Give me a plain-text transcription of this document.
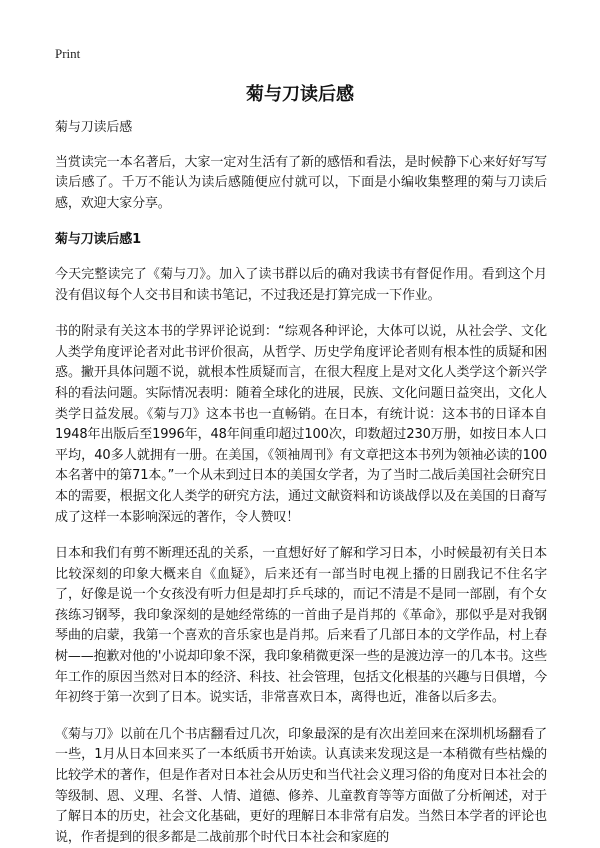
Print
菊与刀读后感

菊与刀读后感

当赏读完一本名著后，大家一定对生活有了新的感悟和看法，是时候静下心来好好写写读后感了。千万不能认为读后感随便应付就可以，下面是小编收集整理的菊与刀读后感，欢迎大家分享。

菊与刀读后感1

今天完整读完了《菊与刀》。加入了读书群以后的确对我读书有督促作用。看到这个月没有倡议每个人交书目和读书笔记，不过我还是打算完成一下作业。

书的附录有关这本书的学界评论说到：“综观各种评论，大体可以说，从社会学、文化人类学角度评论者对此书评价很高，从哲学、历史学角度评论者则有根本性的质疑和困惑。撇开具体问题不说，就根本性质疑而言，在很大程度上是对文化人类学这个新兴学科的看法问题。实际情况表明：随着全球化的进展，民族、文化问题日益突出，文化人类学日益发展。《菊与刀》这本书也一直畅销。在日本，有统计说：这本书的日译本自1948年出版后至1996年，48年间重印超过100次，印数超过230万册，如按日本人口平均，40多人就拥有一册。在美国，《领袖周刊》有文章把这本书列为领袖必读的100本名著中的第71本。”一个从未到过日本的美国女学者，为了当时二战后美国社会研究日本的需要，根据文化人类学的研究方法，通过文献资料和访谈战俘以及在美国的日裔写成了这样一本影响深远的著作，令人赞叹！

日本和我们有剪不断理还乱的关系，一直想好好了解和学习日本，小时候最初有关日本比较深刻的印象大概来自《血疑》，后来还有一部当时电视上播的日剧我记不住名字了，好像是说一个女孩没有听力但是却打乒乓球的，而记不清是不是同一部剧，有个女孩练习钢琴，我印象深刻的是她经常练的一首曲子是肖邦的《革命》，那似乎是对我钢琴曲的启蒙，我第一个喜欢的音乐家也是肖邦。后来看了几部日本的文学作品，村上春树——抱歉对他的'小说却印象不深，我印象稍微更深一些的是渡边淳一的几本书。这些年工作的原因当然对日本的经济、科技、社会管理，包括文化根基的兴趣与日俱增，今年初终于第一次到了日本。说实话，非常喜欢日本，离得也近，准备以后多去。

《菊与刀》以前在几个书店翻看过几次，印象最深的是有次出差回来在深圳机场翻看了一些，1月从日本回来买了一本纸质书开始读。认真读来发现这是一本稍微有些枯燥的比较学术的著作，但是作者对日本社会从历史和当代社会义理习俗的角度对日本社会的等级制、恩、义理、名誉、人情、道德、修养、儿童教育等等方面做了分析阐述，对于了解日本的历史，社会文化基础，更好的理解日本非常有启发。当然日本学者的评论也说，作者提到的很多都是二战前那个时代日本社会和家庭的
